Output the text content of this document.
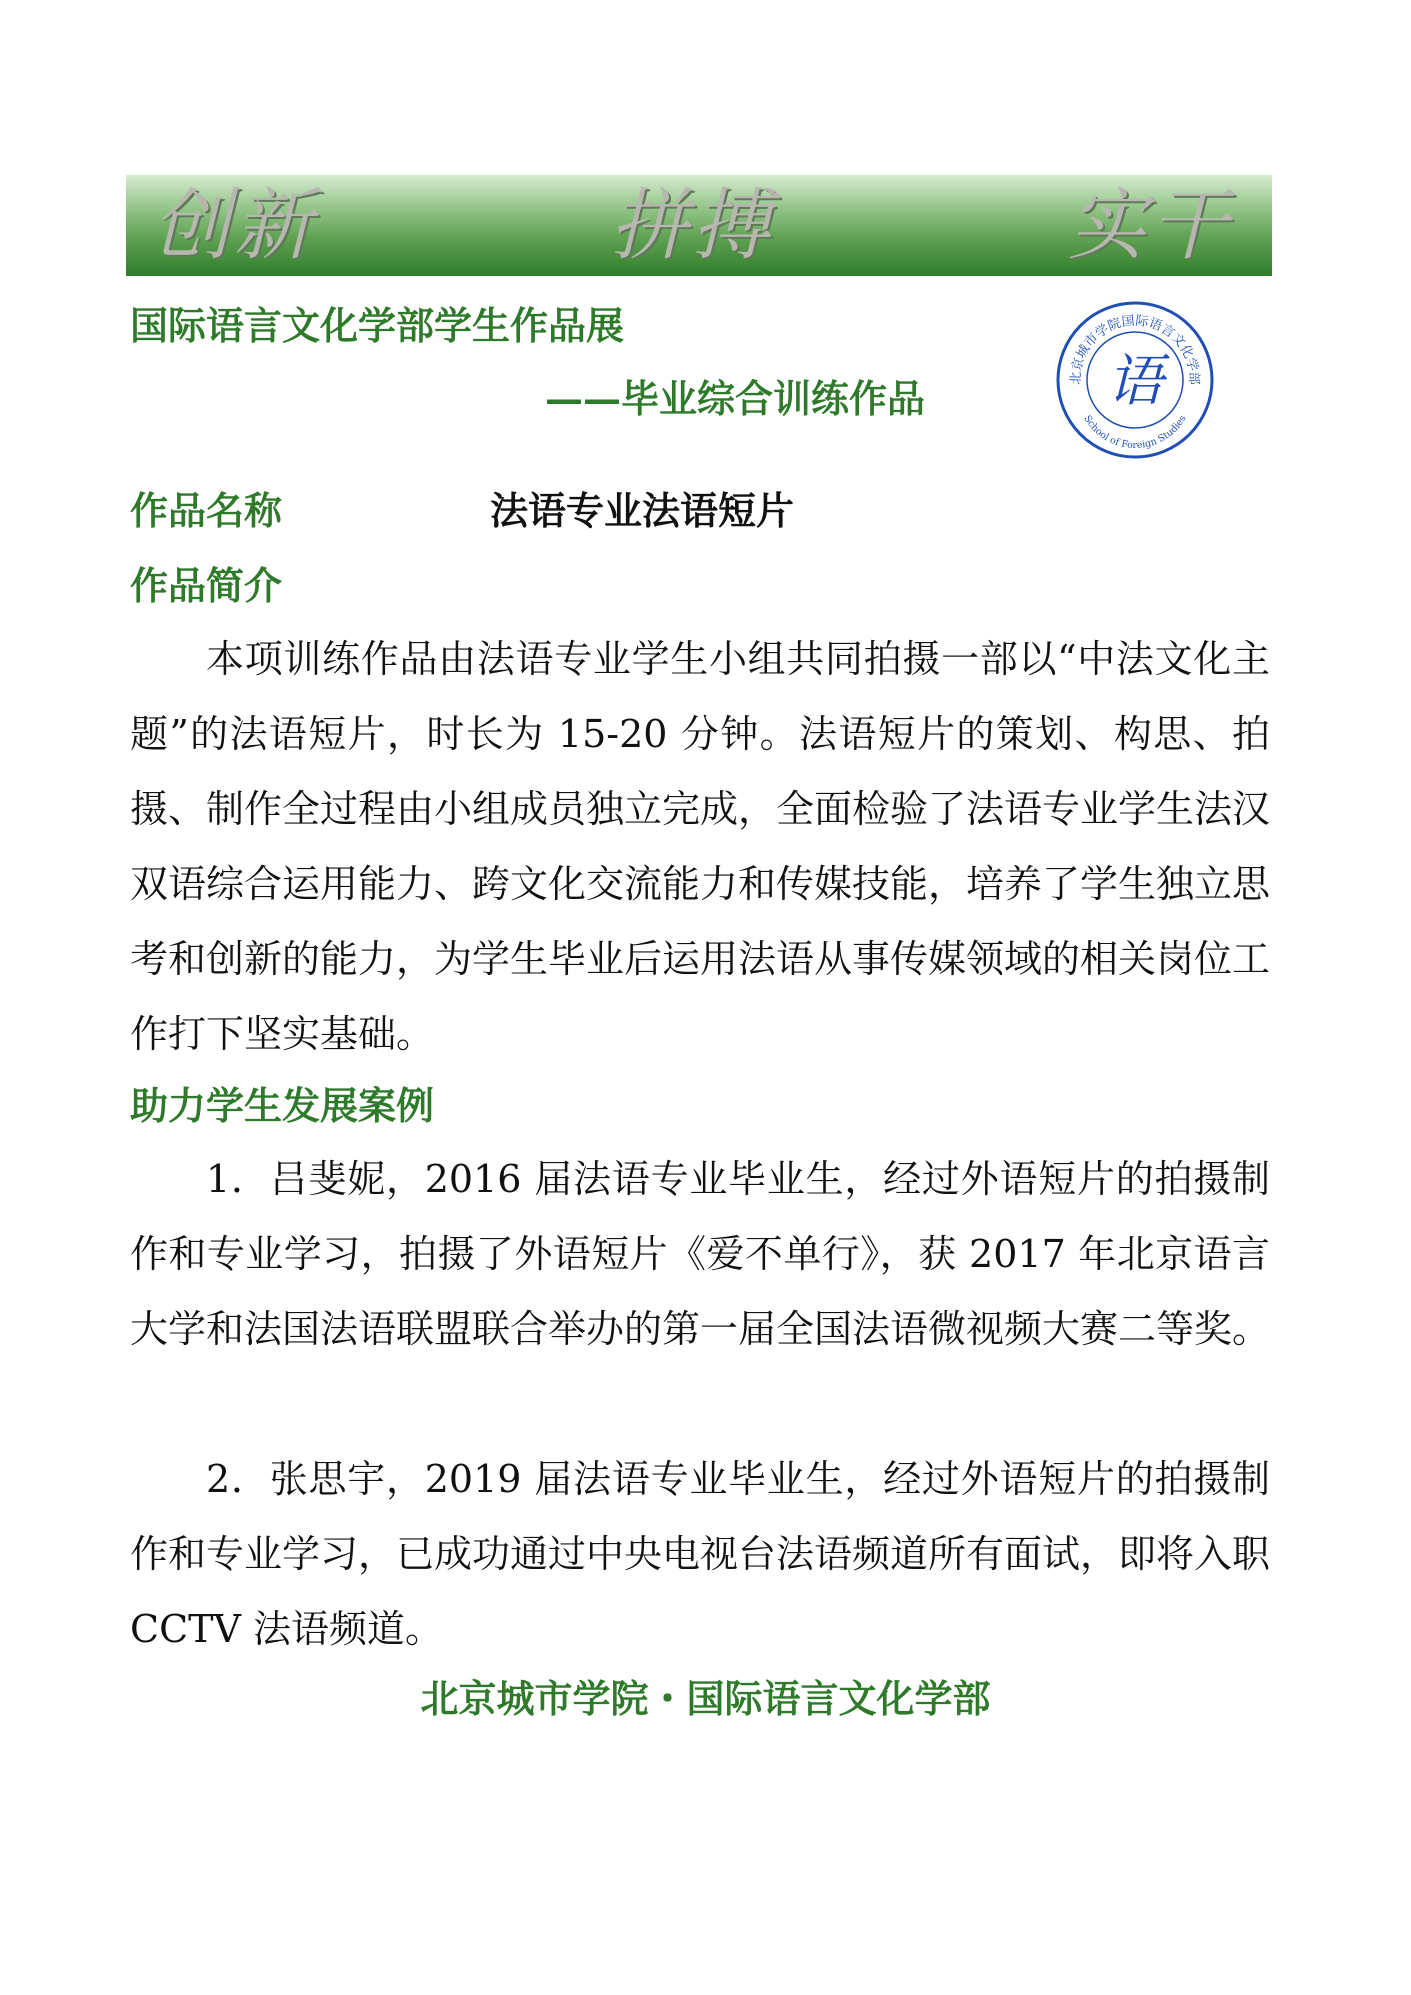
创新	拼搏	实干
国际语言文化学部学生作品展
——毕业综合训练作品	北京城市学院国际语言文化学部
School of Foreign Studies
语
作品名称	法语专业法语短片
作品简介

本项训练作品由法语专业学生小组共同拍摄一部以“中法文化主题”的法语短片，时长为 15-20 分钟。法语短片的策划、构思、拍摄、制作全过程由小组成员独立完成，全面检验了法语专业学生法汉双语综合运用能力、跨文化交流能力和传媒技能，培养了学生独立思考和创新的能力，为学生毕业后运用法语从事传媒领域的相关岗位工作打下坚实基础。

助力学生发展案例

1．吕斐妮，2016 届法语专业毕业生，经过外语短片的拍摄制作和专业学习，拍摄了外语短片《爱不单行》，获 2017 年北京语言大学和法国法语联盟联合举办的第一届全国法语微视频大赛二等奖。

2．张思宇，2019 届法语专业毕业生，经过外语短片的拍摄制作和专业学习，已成功通过中央电视台法语频道所有面试，即将入职 CCTV 法语频道。

北京城市学院・国际语言文化学部
